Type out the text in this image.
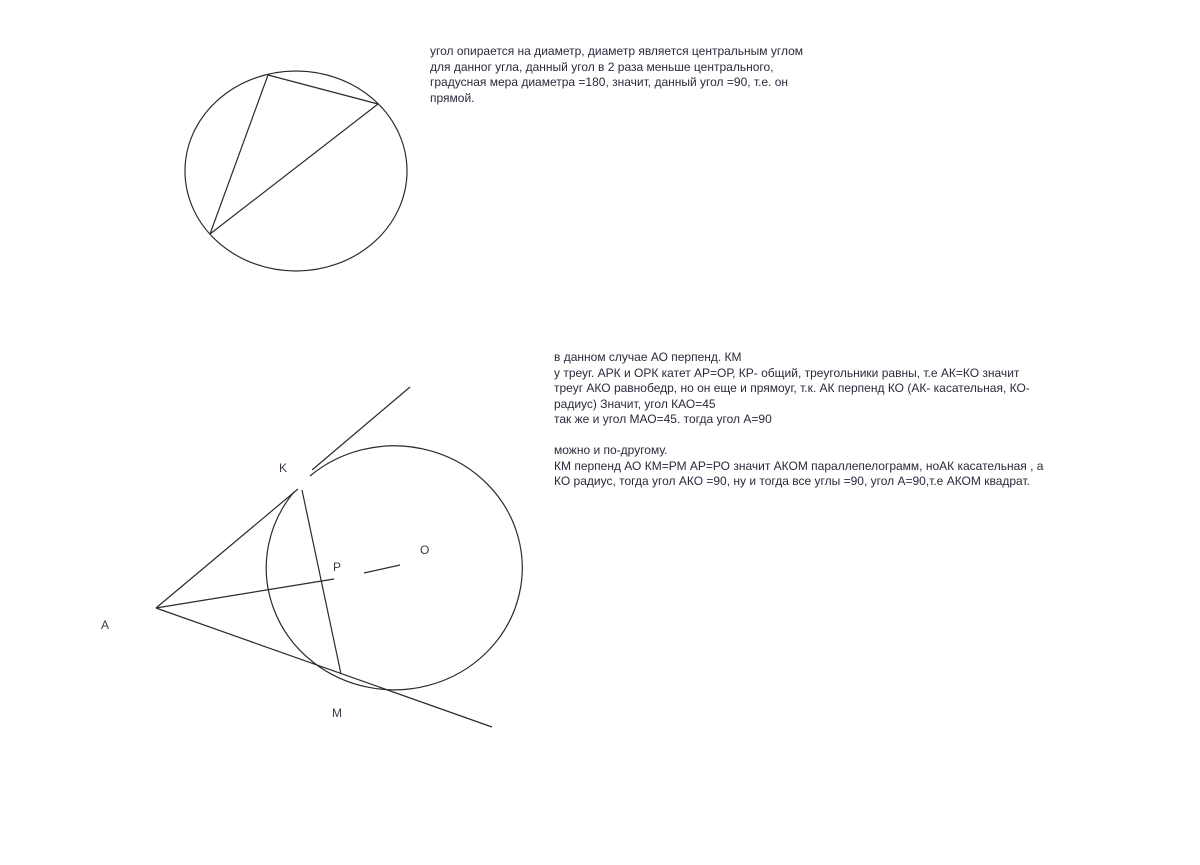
A
K
M
O
P
угол опирается на диаметр, диаметр является центральным углом
для данног угла, данный угол в 2 раза меньше центрального,
градусная мера диаметра =180, значит, данный угол =90, т.е. он
прямой.
в данном случае АО перпенд. КМ
у треуг. АРК и ОРК катет АР=ОР, КР- общий, треугольники равны, т.е АК=КО значит
треуг АКО равнобедр, но он еще и прямоуг, т.к. АК перпенд КО (АК- касательная, КО-
радиус) Значит, угол КАО=45
так же и угол МАО=45. тогда угол А=90
можно и по-другому.
КМ перпенд АО КМ=РМ АР=РО значит АКОМ параллепелограмм, ноАК касательная , а
КО радиус, тогда угол АКО =90, ну и тогда все углы =90, угол А=90,т.е АКОМ квадрат.
